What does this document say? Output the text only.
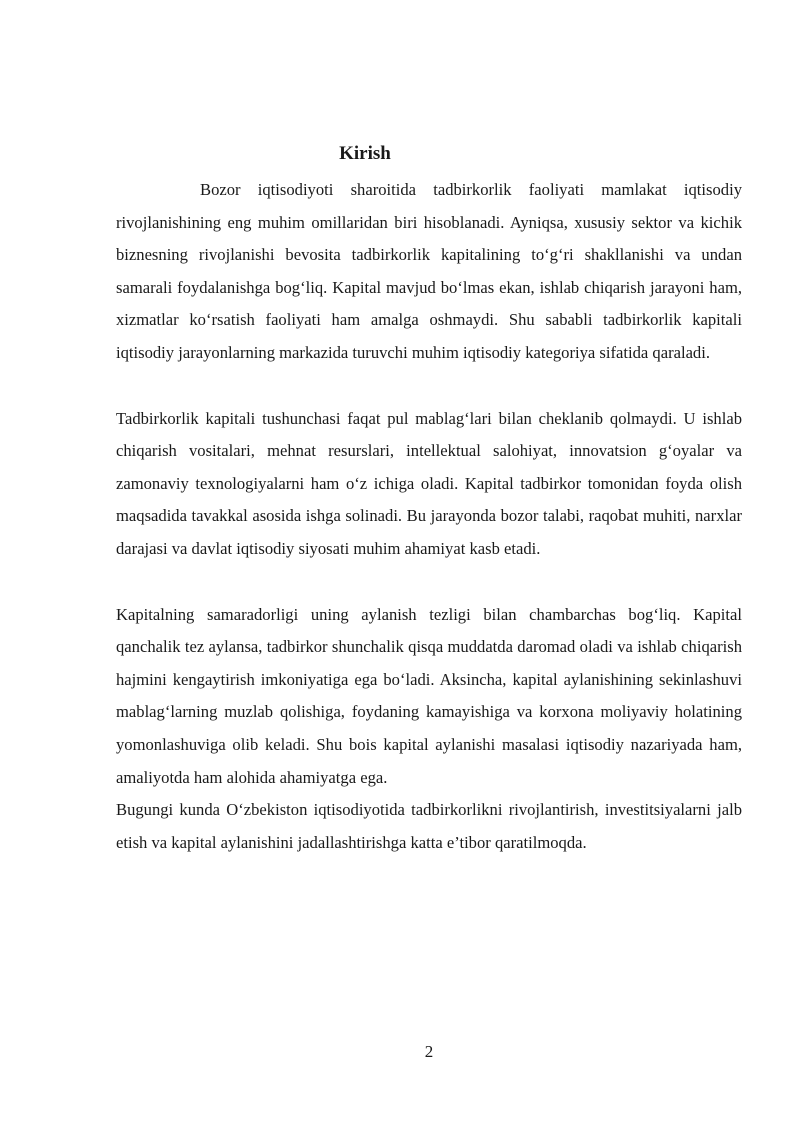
Kirish

Bozor iqtisodiyoti sharoitida tadbirkorlik faoliyati mamlakat iqtisodiy rivojlanishining eng muhim omillaridan biri hisoblanadi. Ayniqsa, xususiy sektor va kichik biznesning rivojlanishi bevosita tadbirkorlik kapitalining to‘g‘ri shakllanishi va undan samarali foydalanishga bog‘liq. Kapital mavjud bo‘lmas ekan, ishlab chiqarish jarayoni ham, xizmatlar ko‘rsatish faoliyati ham amalga oshmaydi. Shu sababli tadbirkorlik kapitali iqtisodiy jarayonlarning markazida turuvchi muhim iqtisodiy kategoriya sifatida qaraladi.

Tadbirkorlik kapitali tushunchasi faqat pul mablag‘lari bilan cheklanib qolmaydi. U ishlab chiqarish vositalari, mehnat resurslari, intellektual salohiyat, innovatsion g‘oyalar va zamonaviy texnologiyalarni ham o‘z ichiga oladi. Kapital tadbirkor tomonidan foyda olish maqsadida tavakkal asosida ishga solinadi. Bu jarayonda bozor talabi, raqobat muhiti, narxlar darajasi va davlat iqtisodiy siyosati muhim ahamiyat kasb etadi.

Kapitalning samaradorligi uning aylanish tezligi bilan chambarchas bog‘liq. Kapital qanchalik tez aylansa, tadbirkor shunchalik qisqa muddatda daromad oladi va ishlab chiqarish hajmini kengaytirish imkoniyatiga ega bo‘ladi. Aksincha, kapital aylanishining sekinlashuvi mablag‘larning muzlab qolishiga, foydaning kamayishiga va korxona moliyaviy holatining yomonlashuviga olib keladi. Shu bois kapital aylanishi masalasi iqtisodiy nazariyada ham, amaliyotda ham alohida ahamiyatga ega.

Bugungi kunda O‘zbekiston iqtisodiyotida tadbirkorlikni rivojlantirish, investitsiyalarni jalb etish va kapital aylanishini jadallashtirishga katta e’tibor qaratilmoqda.

2
